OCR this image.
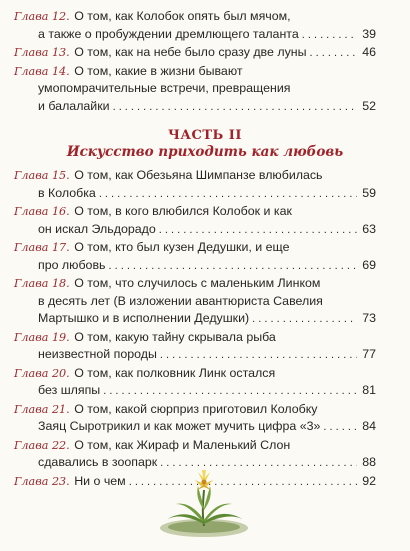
Глава 12.
О том, как Колобок опять был мячом,
а также о пробуждении дремлющего таланта . . .	39
Глава 13.
О том, как на небе было сразу две луны . . .	46
Глава 14.
О том, какие в жизни бывают
умопомрачительные встречи, превращения
и балалайки . . .	52
ЧАСТЬ II
Искусство приходить как любовь
Глава 15.
О том, как Обезьяна Шимпанзе влюбилась
в Колобка . . .	59
Глава 16.
О том, в кого влюбился Колобок и как
он искал Эльдорадо . . .	63
Глава 17.
О том, кто был кузен Дедушки, и еще
про любовь . . .	69
Глава 18.
О том, что случилось с маленьким Линком
в десять лет (В изложении авантюриста Савелия
Мартышко и в исполнении Дедушки) . . .	73
Глава 19.
О том, какую тайну скрывала рыба
неизвестной породы . . .	77
Глава 20.
О том, как полковник Линк остался
без шляпы . . .	81
Глава 21.
О том, какой сюрприз приготовил Колобку
Заяц Сыротрикил и как может мучить цифра «3» . . .	84
Глава 22.
О том, как Жираф и Маленький Слон
сдавались в зоопарк . . .	88
Глава 23.
Ни о чем . . .	92
